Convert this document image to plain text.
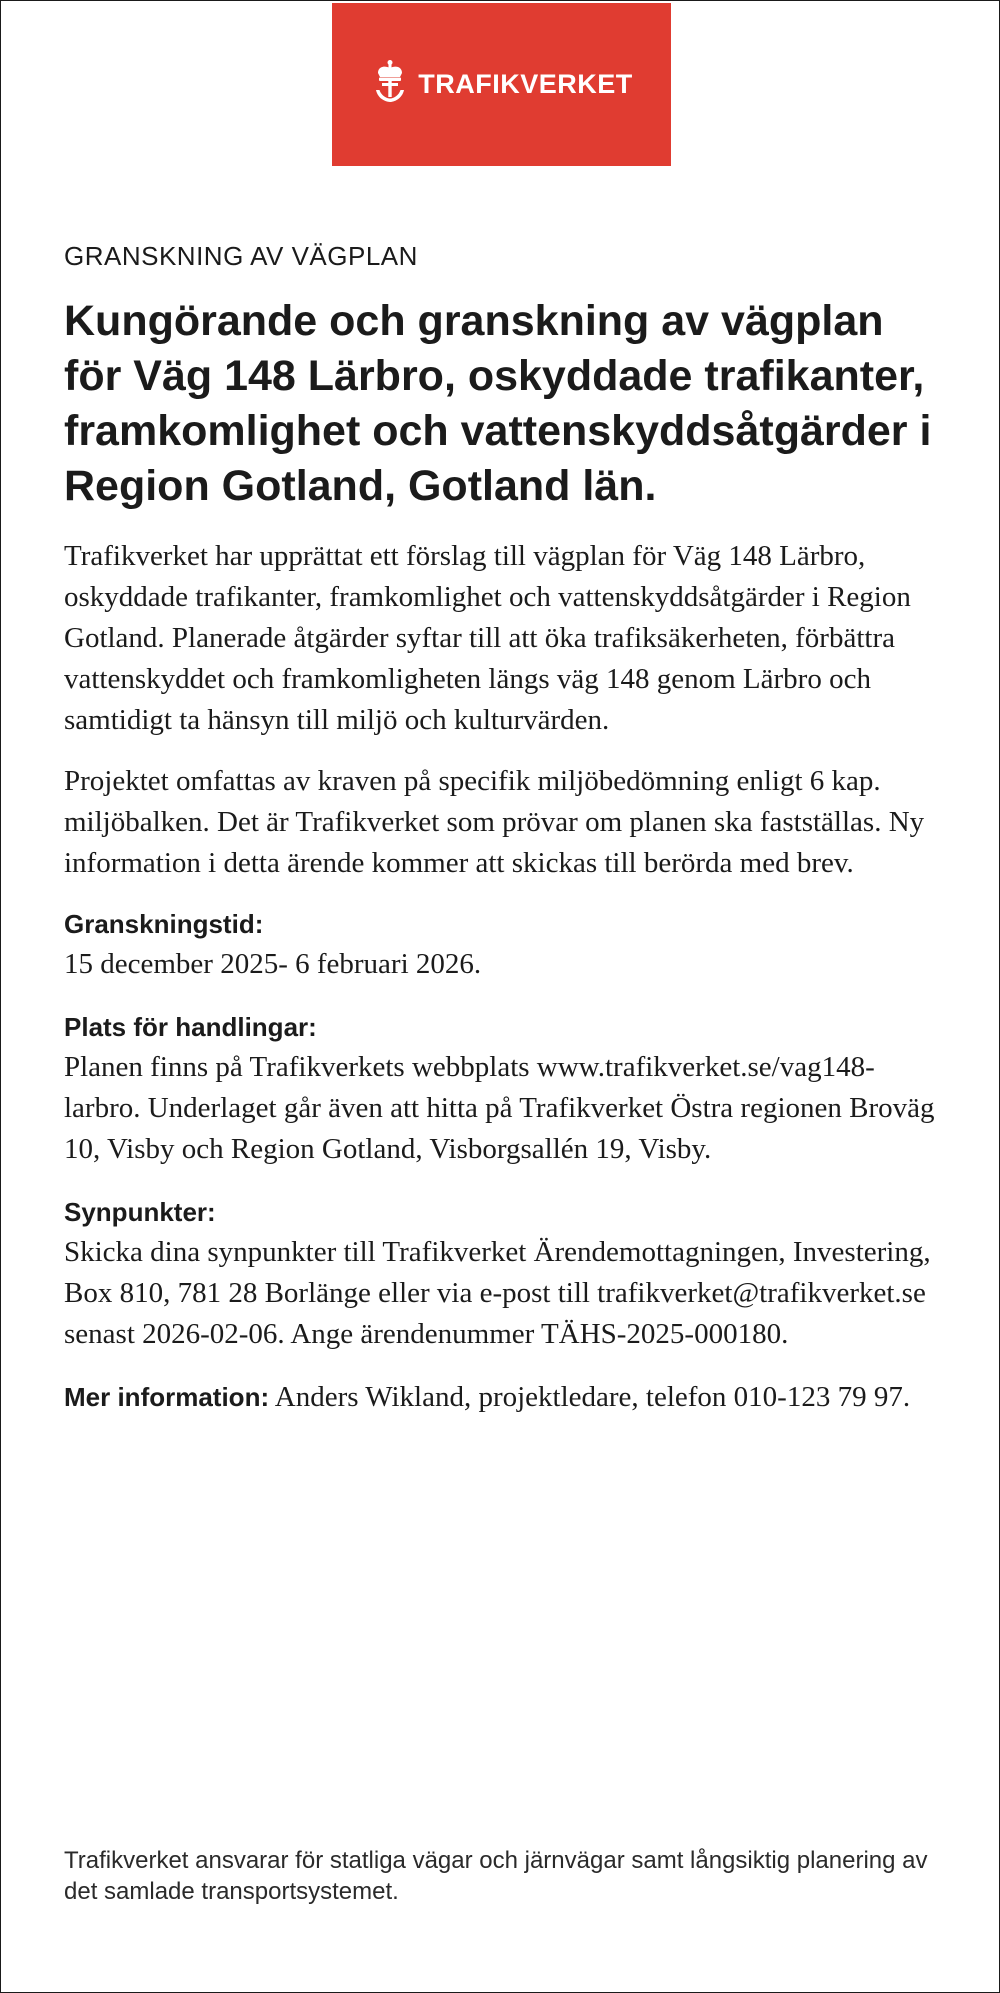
TRAFIKVERKET

GRANSKNING AV VÄGPLAN

Kungörande och granskning av vägplan för Väg 148 Lärbro, oskyddade trafikanter, framkomlighet och vattenskyddsåtgärder i Region Gotland, Gotland län.

Trafikverket har upprättat ett förslag till vägplan för Väg 148 Lärbro, oskyddade trafikanter, framkomlighet och vattenskyddsåtgärder i Region Gotland. Planerade åtgärder syftar till att öka trafiksäkerheten, förbättra vattenskyddet och framkomligheten längs väg 148 genom Lärbro och samtidigt ta hänsyn till miljö och kulturvärden.

Projektet omfattas av kraven på specifik miljöbedömning enligt 6 kap. miljöbalken. Det är Trafikverket som prövar om planen ska fastställas. Ny information i detta ärende kommer att skickas till berörda med brev.

Granskningstid:

15 december 2025- 6 februari 2026.

Plats för handlingar:

Planen finns på Trafikverkets webbplats www.trafikverket.se/vag148-larbro. Underlaget går även att hitta på Trafikverket Östra regionen Broväg 10, Visby och Region Gotland, Visborgsallén 19, Visby.

Synpunkter:

Skicka dina synpunkter till Trafikverket Ärendemottagningen, Investering, Box 810, 781 28 Borlänge eller via e-post till trafikverket@trafikverket.se senast 2026-02-06. Ange ärendenummer TÄHS-2025-000180.

Mer information: Anders Wikland, projektledare, telefon 010-123 79 97.

Trafikverket ansvarar för statliga vägar och järnvägar samt långsiktig planering av det samlade transportsystemet.
